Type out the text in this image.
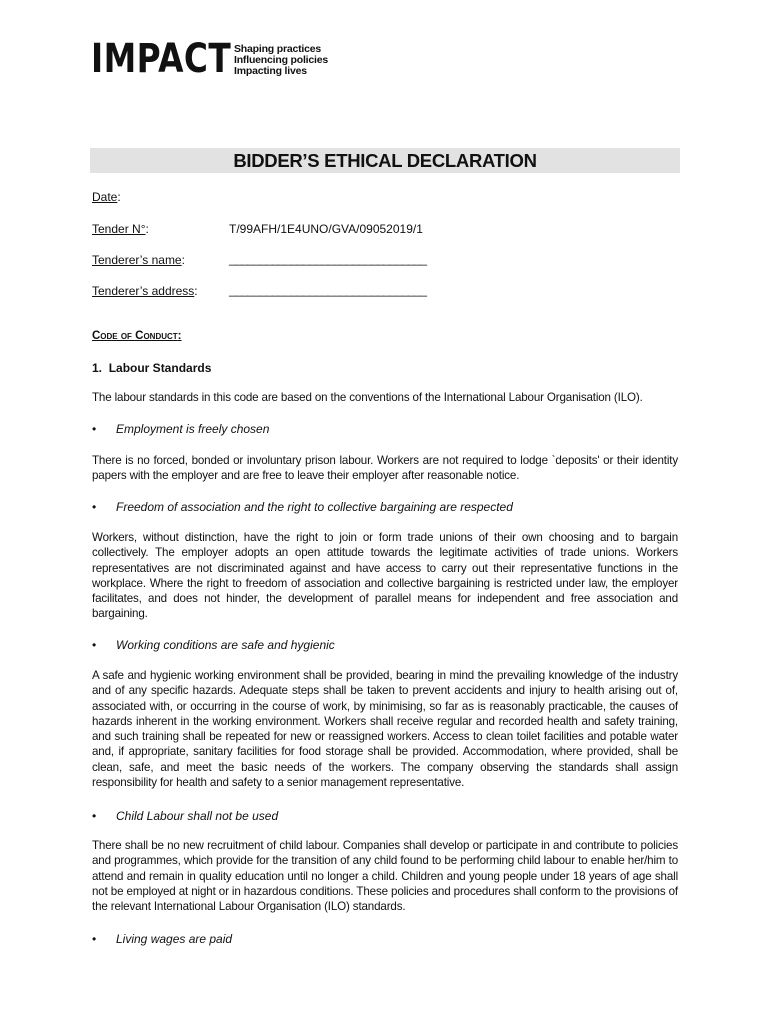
IMPACT Shaping practices
Influencing policies
Impacting lives
BIDDER’S ETHICAL DECLARATION
Date:
Tender N°:	T/99AFH/1E4UNO/GVA/09052019/1
Tenderer’s name:	________________________________
Tenderer’s address:	________________________________
Code of Conduct:
1. Labour Standards
The labour standards in this code are based on the conventions of the International Labour Organisation (ILO).
• Employment is freely chosen
There is no forced, bonded or involuntary prison labour. Workers are not required to lodge `deposits' or their identity papers with the employer and are free to leave their employer after reasonable notice.
• Freedom of association and the right to collective bargaining are respected
Workers, without distinction, have the right to join or form trade unions of their own choosing and to bargain collectively. The employer adopts an open attitude towards the legitimate activities of trade unions. Workers representatives are not discriminated against and have access to carry out their representative functions in the workplace. Where the right to freedom of association and collective bargaining is restricted under law, the employer facilitates, and does not hinder, the development of parallel means for independent and free association and bargaining.
• Working conditions are safe and hygienic
A safe and hygienic working environment shall be provided, bearing in mind the prevailing knowledge of the industry and of any specific hazards. Adequate steps shall be taken to prevent accidents and injury to health arising out of, associated with, or occurring in the course of work, by minimising, so far as is reasonably practicable, the causes of hazards inherent in the working environment. Workers shall receive regular and recorded health and safety training, and such training shall be repeated for new or reassigned workers. Access to clean toilet facilities and potable water and, if appropriate, sanitary facilities for food storage shall be provided. Accommodation, where provided, shall be clean, safe, and meet the basic needs of the workers. The company observing the standards shall assign responsibility for health and safety to a senior management representative.
• Child Labour shall not be used
There shall be no new recruitment of child labour. Companies shall develop or participate in and contribute to policies and programmes, which provide for the transition of any child found to be performing child labour to enable her/him to attend and remain in quality education until no longer a child. Children and young people under 18 years of age shall not be employed at night or in hazardous conditions. These policies and procedures shall conform to the provisions of the relevant International Labour Organisation (ILO) standards.
• Living wages are paid
